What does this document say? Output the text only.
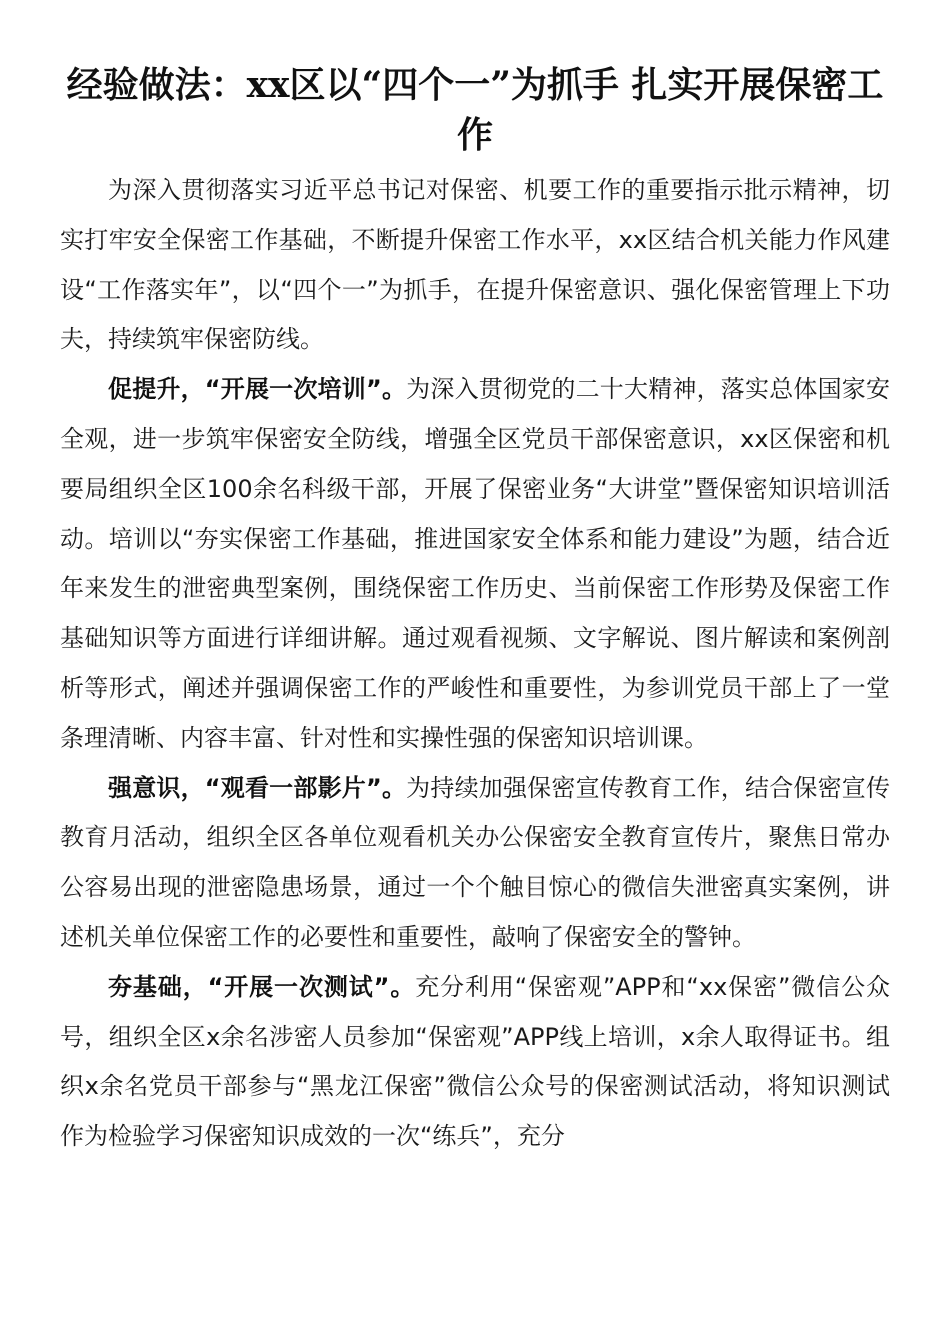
经验做法：xx区以“四个一”为抓手 扎实开展保密工作

为深入贯彻落实习近平总书记对保密、机要工作的重要指示批示精神，切实打牢安全保密工作基础，不断提升保密工作水平，xx区结合机关能力作风建设“工作落实年”，以“四个一”为抓手，在提升保密意识、强化保密管理上下功夫，持续筑牢保密防线。

促提升，“开展一次培训”。为深入贯彻党的二十大精神，落实总体国家安全观，进一步筑牢保密安全防线，增强全区党员干部保密意识，xx区保密和机要局组织全区100余名科级干部，开展了保密业务“大讲堂”暨保密知识培训活动。培训以“夯实保密工作基础，推进国家安全体系和能力建设”为题，结合近年来发生的泄密典型案例，围绕保密工作历史、当前保密工作形势及保密工作基础知识等方面进行详细讲解。通过观看视频、文字解说、图片解读和案例剖析等形式，阐述并强调保密工作的严峻性和重要性，为参训党员干部上了一堂条理清晰、内容丰富、针对性和实操性强的保密知识培训课。

强意识，“观看一部影片”。为持续加强保密宣传教育工作，结合保密宣传教育月活动，组织全区各单位观看机关办公保密安全教育宣传片，聚焦日常办公容易出现的泄密隐患场景，通过一个个触目惊心的微信失泄密真实案例，讲述机关单位保密工作的必要性和重要性，敲响了保密安全的警钟。

夯基础，“开展一次测试”。充分利用“保密观”APP和“xx保密”微信公众号，组织全区x余名涉密人员参加“保密观”APP线上培训，x余人取得证书。组织x余名党员干部参与“黑龙江保密”微信公众号的保密测试活动，将知识测试作为检验学习保密知识成效的一次“练兵”，充分
